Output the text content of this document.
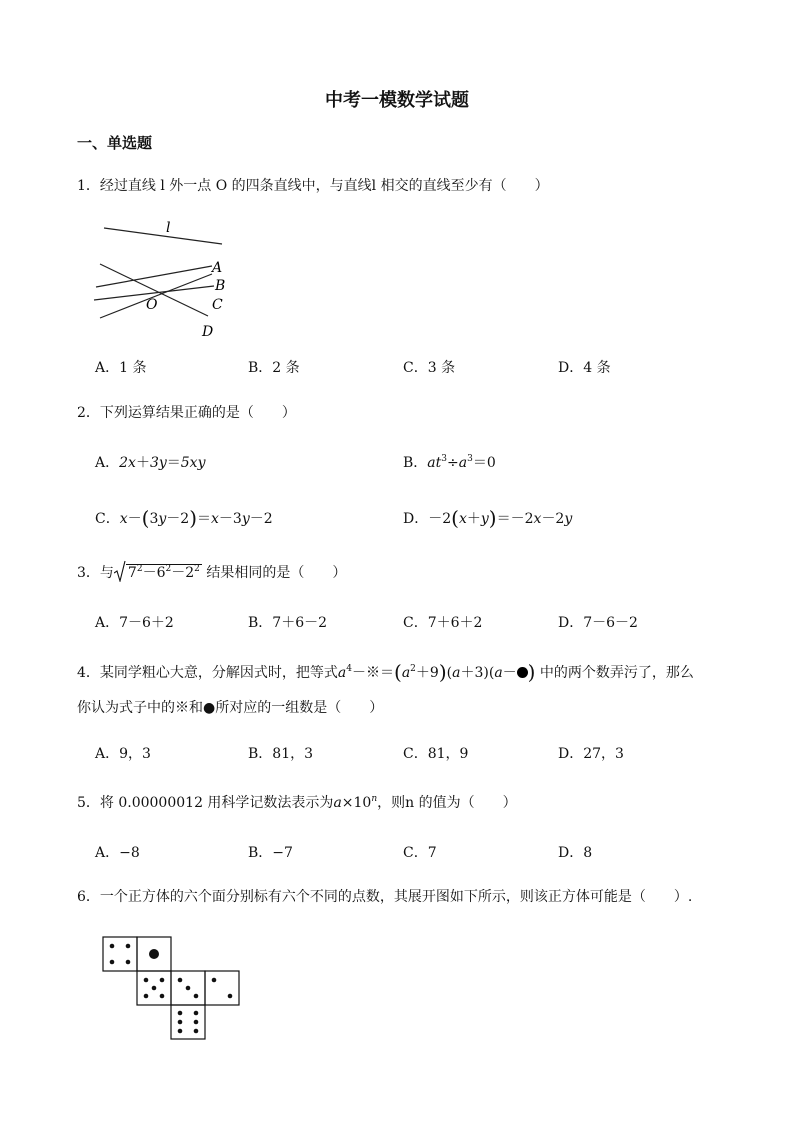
中考一模数学试题
一、单选题
1．经过直线 l 外一点 O 的四条直线中，与直线l 相交的直线至少有（　　）
l
O
A
B
C
D
A．1 条	B．2 条	C．3 条	D．4 条
2．下列运算结果正确的是（　　）
A．2x＋3y＝5xy	B．$at^3\div a^3=0$
C．x－(3y－2)＝x－3y－2	D．－2(x＋y)＝－2x－2y
3．与 $7^2-6^2-2^2$ 结果相同的是（　　）
A．7－6＋2	B．7＋6－2	C．7＋6＋2	D．7－6－2
4．某同学粗心大意，分解因式时，把等式$a^4-※=(a^2+9)(a+3)(a-$ ) 中的两个数弄污了，那么
你认为式子中的※和●所对应的一组数是（　　）
A．9，3	B．81，3	C．81，9	D．27，3
5．将 0.00000012 用科学记数法表示为$a\times 10^n$，则n 的值为（　　）
A．−8	B．−7	C．7	D．8
6．一个正方体的六个面分别标有六个不同的点数，其展开图如下所示，则该正方体可能是（　　）.
